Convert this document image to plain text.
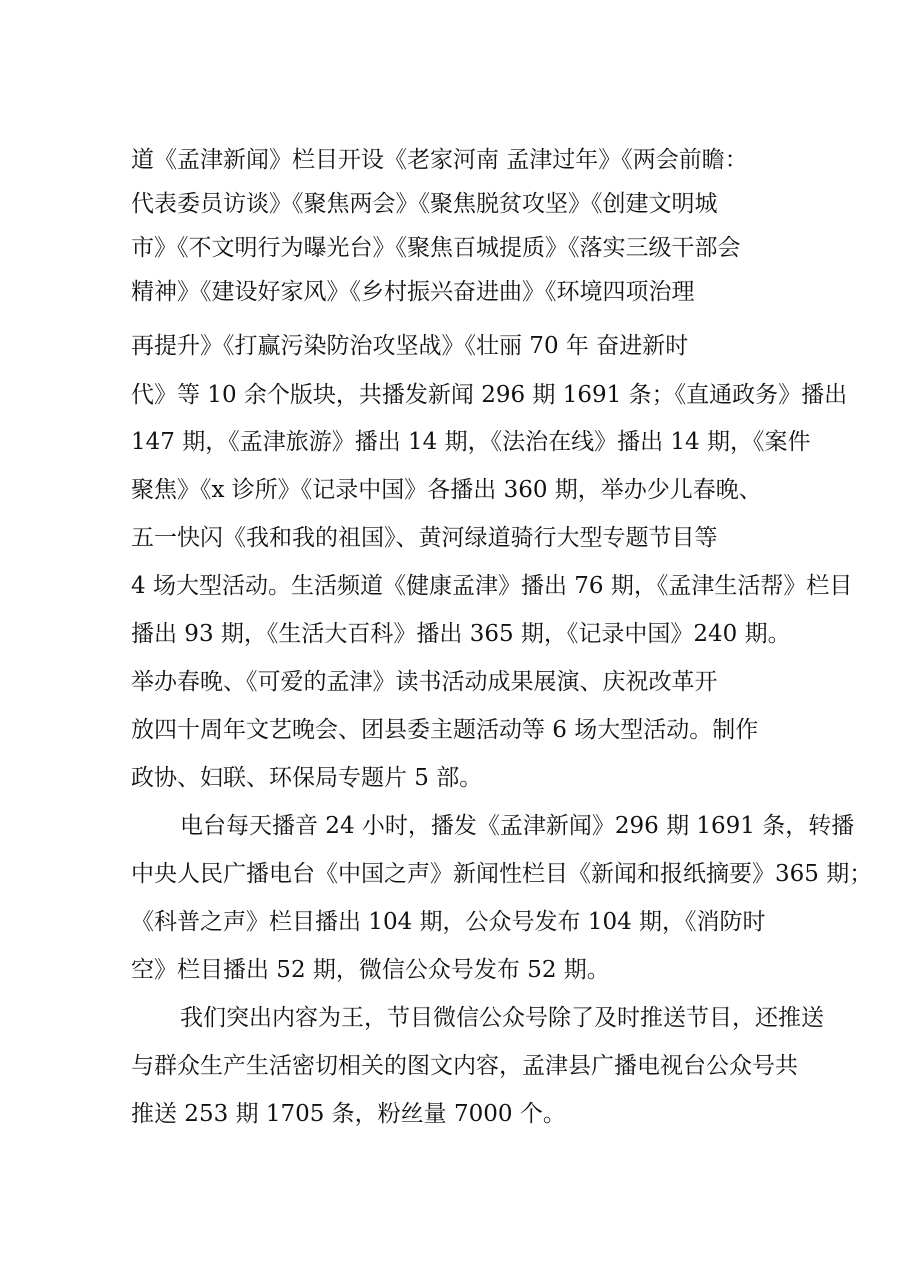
道《孟津新闻》栏目开设《老家河南 孟津过年》《两会前瞻：
代表委员访谈》《聚焦两会》《聚焦脱贫攻坚》《创建文明城
市》《不文明行为曝光台》《聚焦百城提质》《落实三级干部会
精神》《建设好家风》《乡村振兴奋进曲》《环境四项治理
再提升》《打赢污染防治攻坚战》《壮丽 70 年 奋进新时
代》等 10 余个版块，共播发新闻 296 期 1691 条；《直通政务》播出
147 期，《孟津旅游》播出 14 期，《法治在线》播出 14 期，《案件
聚焦》《x 诊所》《记录中国》各播出 360 期，举办少儿春晚、
五一快闪《我和我的祖国》、黄河绿道骑行大型专题节目等
4 场大型活动。生活频道《健康孟津》播出 76 期，《孟津生活帮》栏目
播出 93 期，《生活大百科》播出 365 期，《记录中国》240 期。
举办春晚、《可爱的孟津》读书活动成果展演、庆祝改革开
放四十周年文艺晚会、团县委主题活动等 6 场大型活动。制作
政协、妇联、环保局专题片 5 部。
电台每天播音 24 小时，播发《孟津新闻》296 期 1691 条，转播
中央人民广播电台《中国之声》新闻性栏目《新闻和报纸摘要》365 期；
《科普之声》栏目播出 104 期，公众号发布 104 期，《消防时
空》栏目播出 52 期，微信公众号发布 52 期。
我们突出内容为王，节目微信公众号除了及时推送节目，还推送
与群众生产生活密切相关的图文内容，孟津县广播电视台公众号共
推送 253 期 1705 条，粉丝量 7000 个。
